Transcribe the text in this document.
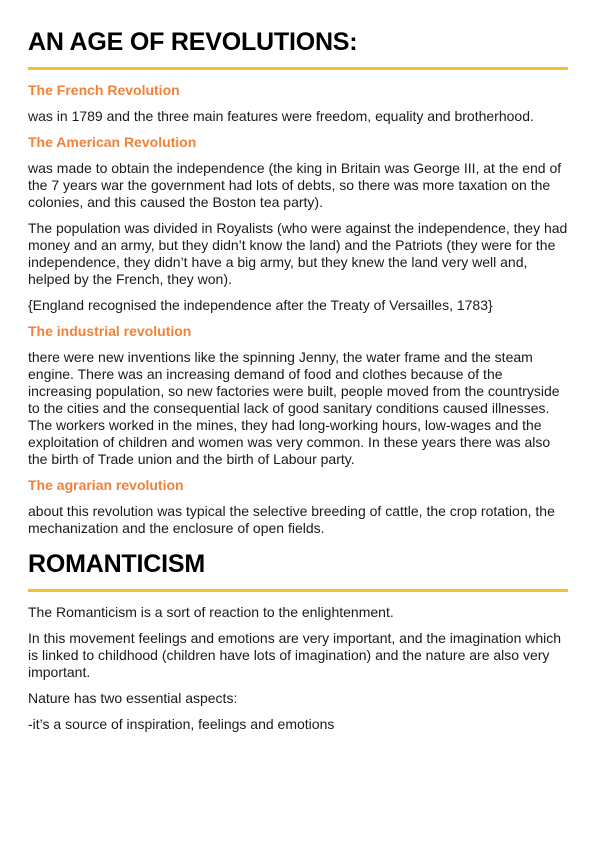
AN AGE OF REVOLUTIONS:
The French Revolution

was in 1789 and the three main features were freedom, equality and brotherhood.

The American Revolution

was made to obtain the independence (the king in Britain was George III, at the end of the 7 years war the government had lots of debts, so there was more taxation on the colonies, and this caused the Boston tea party).

The population was divided in Royalists (who were against the independence, they had money and an army, but they didn’t know the land) and the Patriots (they were for the independence, they didn’t have a big army, but they knew the land very well and, helped by the French, they won).

{England recognised the independence after the Treaty of Versailles, 1783}

The industrial revolution

there were new inventions like the spinning Jenny, the water frame and the steam engine. There was an increasing demand of food and clothes because of the increasing population, so new factories were built, people moved from the countryside to the cities and the consequential lack of good sanitary conditions caused illnesses. The workers worked in the mines, they had long-working hours, low-wages and the exploitation of children and women was very common. In these years there was also the birth of Trade union and the birth of Labour party.

The agrarian revolution

about this revolution was typical the selective breeding of cattle, the crop rotation, the mechanization and the enclosure of open fields.

ROMANTICISM

The Romanticism is a sort of reaction to the enlightenment.

In this movement feelings and emotions are very important, and the imagination which is linked to childhood (children have lots of imagination) and the nature are also very important.

Nature has two essential aspects:

-it’s a source of inspiration, feelings and emotions
